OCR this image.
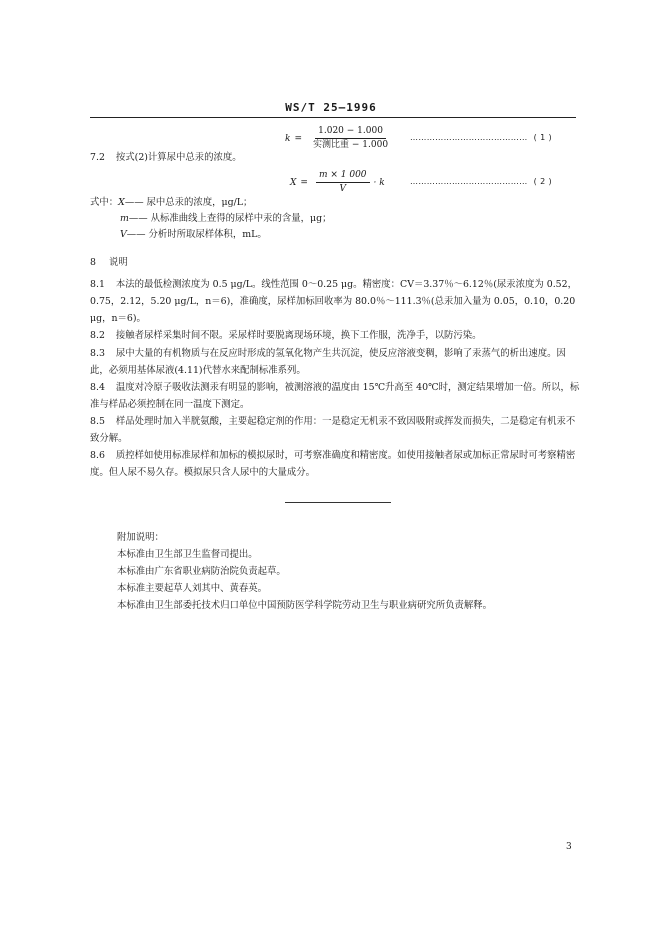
WS/T 25—1996
$k = \frac{1.020 - 1.000}{\text{实测比重 − 1.000}}$ …………………………………… ( 1 )
7.2 按式(2)计算尿中总汞的浓度。
$X = \frac{m \times 1 000}{V} \cdot k$	…………………………………… ( 2 )
式中：X—— 尿中总汞的浓度，μg/L；
m—— 从标准曲线上查得的尿样中汞的含量，μg；
V—— 分析时所取尿样体积，mL。
8 说明
8.1 本法的最低检测浓度为 0.5 μg/L。线性范围 0～0.25 μg。精密度：CV＝3.37％～6.12％(尿汞浓度为 0.52，0.75，2.12，5.20 μg/L，n＝6)，准确度，尿样加标回收率为 80.0％～111.3％(总汞加入量为 0.05，0.10，0.20 μg，n＝6)。
8.2 接触者尿样采集时间不限。采尿样时要脱离现场环境，换下工作服，洗净手，以防污染。
8.3 尿中大量的有机物质与在反应时形成的氢氧化物产生共沉淀，使反应溶液变稠，影响了汞蒸气的析出速度。因此，必须用基体尿液(4.11)代替水来配制标准系列。
8.4 温度对冷原子吸收法测汞有明显的影响，被测溶液的温度由 15℃升高至 40℃时，测定结果增加一倍。所以，标准与样品必须控制在同一温度下测定。
8.5 样品处理时加入半胱氨酸，主要起稳定剂的作用：一是稳定无机汞不致因吸附或挥发而损失，二是稳定有机汞不致分解。
8.6 质控样如使用标准尿样和加标的模拟尿时，可考察准确度和精密度。如使用接触者尿或加标正常尿时可考察精密度。但人尿不易久存。模拟尿只含人尿中的大量成分。
附加说明：
本标准由卫生部卫生监督司提出。
本标准由广东省职业病防治院负责起草。
本标准主要起草人刘其中、黄春英。
本标准由卫生部委托技术归口单位中国预防医学科学院劳动卫生与职业病研究所负责解释。
3
